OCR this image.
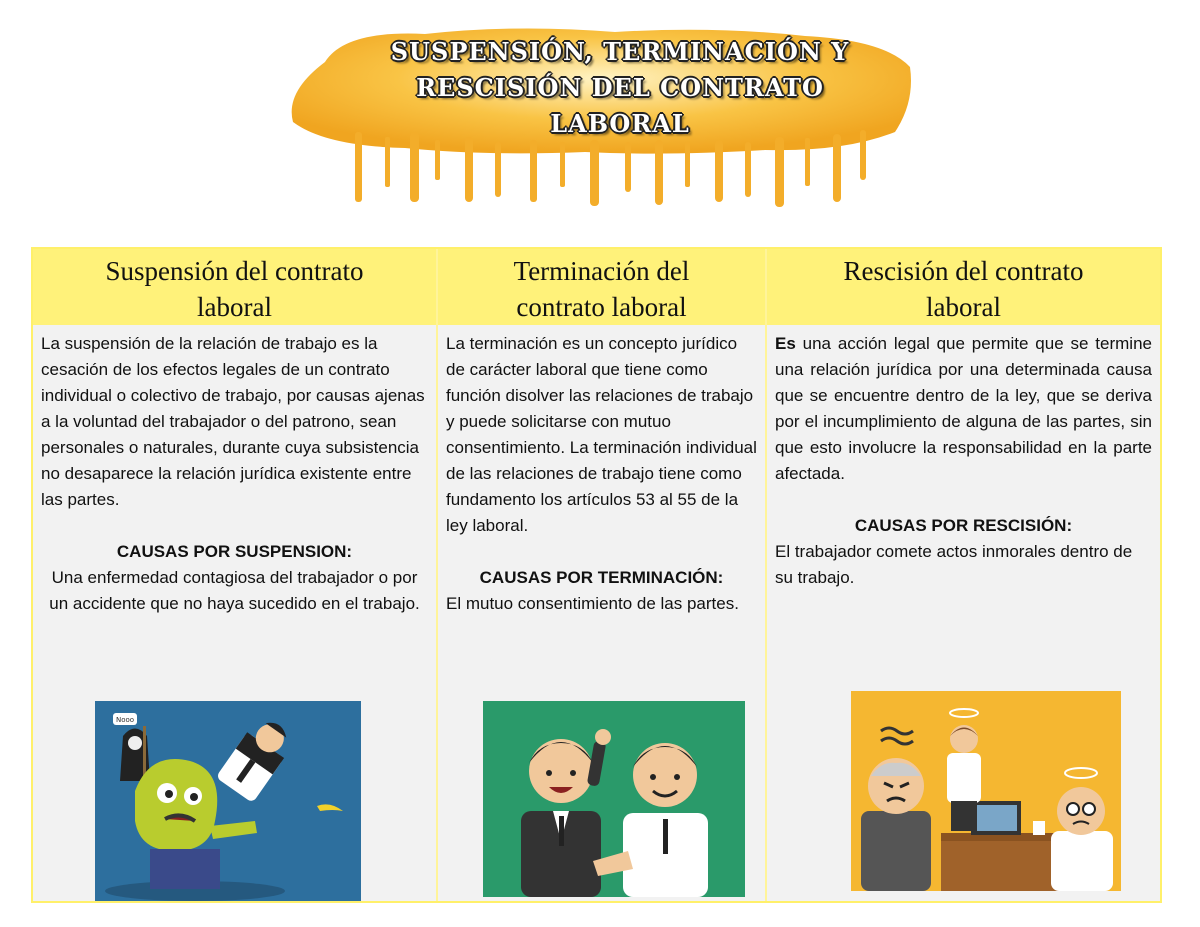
SUSPENSIÓN, TERMINACIÓN Y
RESCISIÓN DEL CONTRATO
LABORAL
Suspensión del contrato
laboral

La suspensión de la relación de trabajo es la cesación de los efectos legales de un contrato individual o colectivo de trabajo, por causas ajenas a la voluntad del trabajador o del patrono, sean personales o naturales, durante cuya subsistencia no desaparece la relación jurídica existente entre las partes.

CAUSAS POR SUSPENSION:
Una enfermedad contagiosa del trabajador o por un accidente que no haya sucedido en el trabajo.
Nooo
Terminación del
contrato laboral

La terminación es un concepto jurídico de carácter laboral que tiene como función disolver las relaciones de trabajo y puede solicitarse con mutuo consentimiento. La terminación individual de las relaciones de trabajo tiene como fundamento los artículos 53 al 55 de la ley laboral.

CAUSAS POR TERMINACIÓN:
El mutuo consentimiento de las partes.
Rescisión del contrato
laboral

Es una acción legal que permite que se termine una relación jurídica por una determinada causa que se encuentre dentro de la ley, que se deriva por el incumplimiento de alguna de las partes, sin que esto involucre la responsabilidad en la parte afectada.

CAUSAS POR RESCISIÓN:
El trabajador comete actos inmorales dentro de su trabajo.
